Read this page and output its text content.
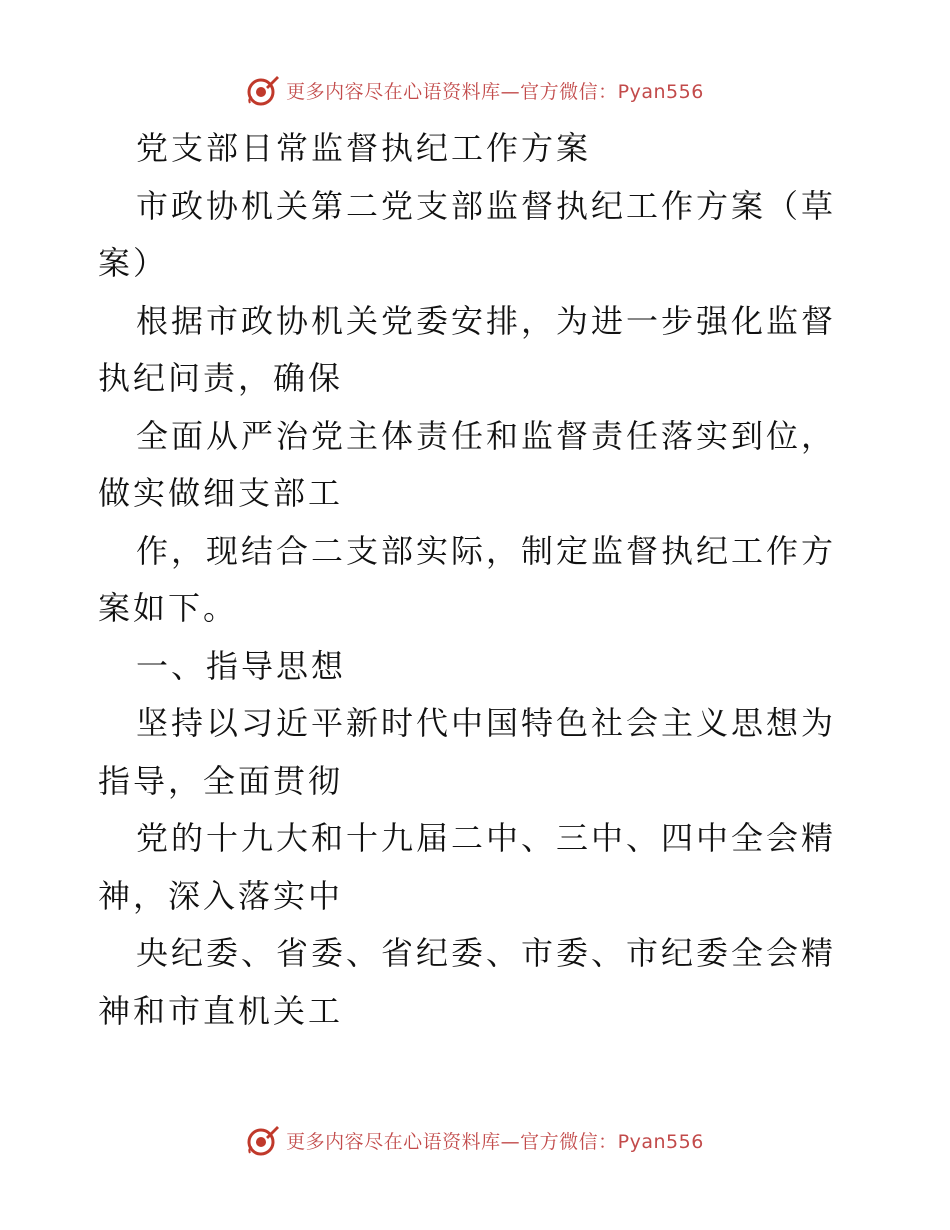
更多内容尽在心语资料库—官方微信：Pyan556

党支部日常监督执纪工作方案

市政协机关第二党支部监督执纪工作方案（草案）

根据市政协机关党委安排，为进一步强化监督执纪问责，确保

全面从严治党主体责任和监督责任落实到位，做实做细支部工

作，现结合二支部实际，制定监督执纪工作方案如下。

一、指导思想

坚持以习近平新时代中国特色社会主义思想为指导，全面贯彻

党的十九大和十九届二中、三中、四中全会精神，深入落实中

央纪委、省委、省纪委、市委、市纪委全会精神和市直机关工

更多内容尽在心语资料库—官方微信：Pyan556
